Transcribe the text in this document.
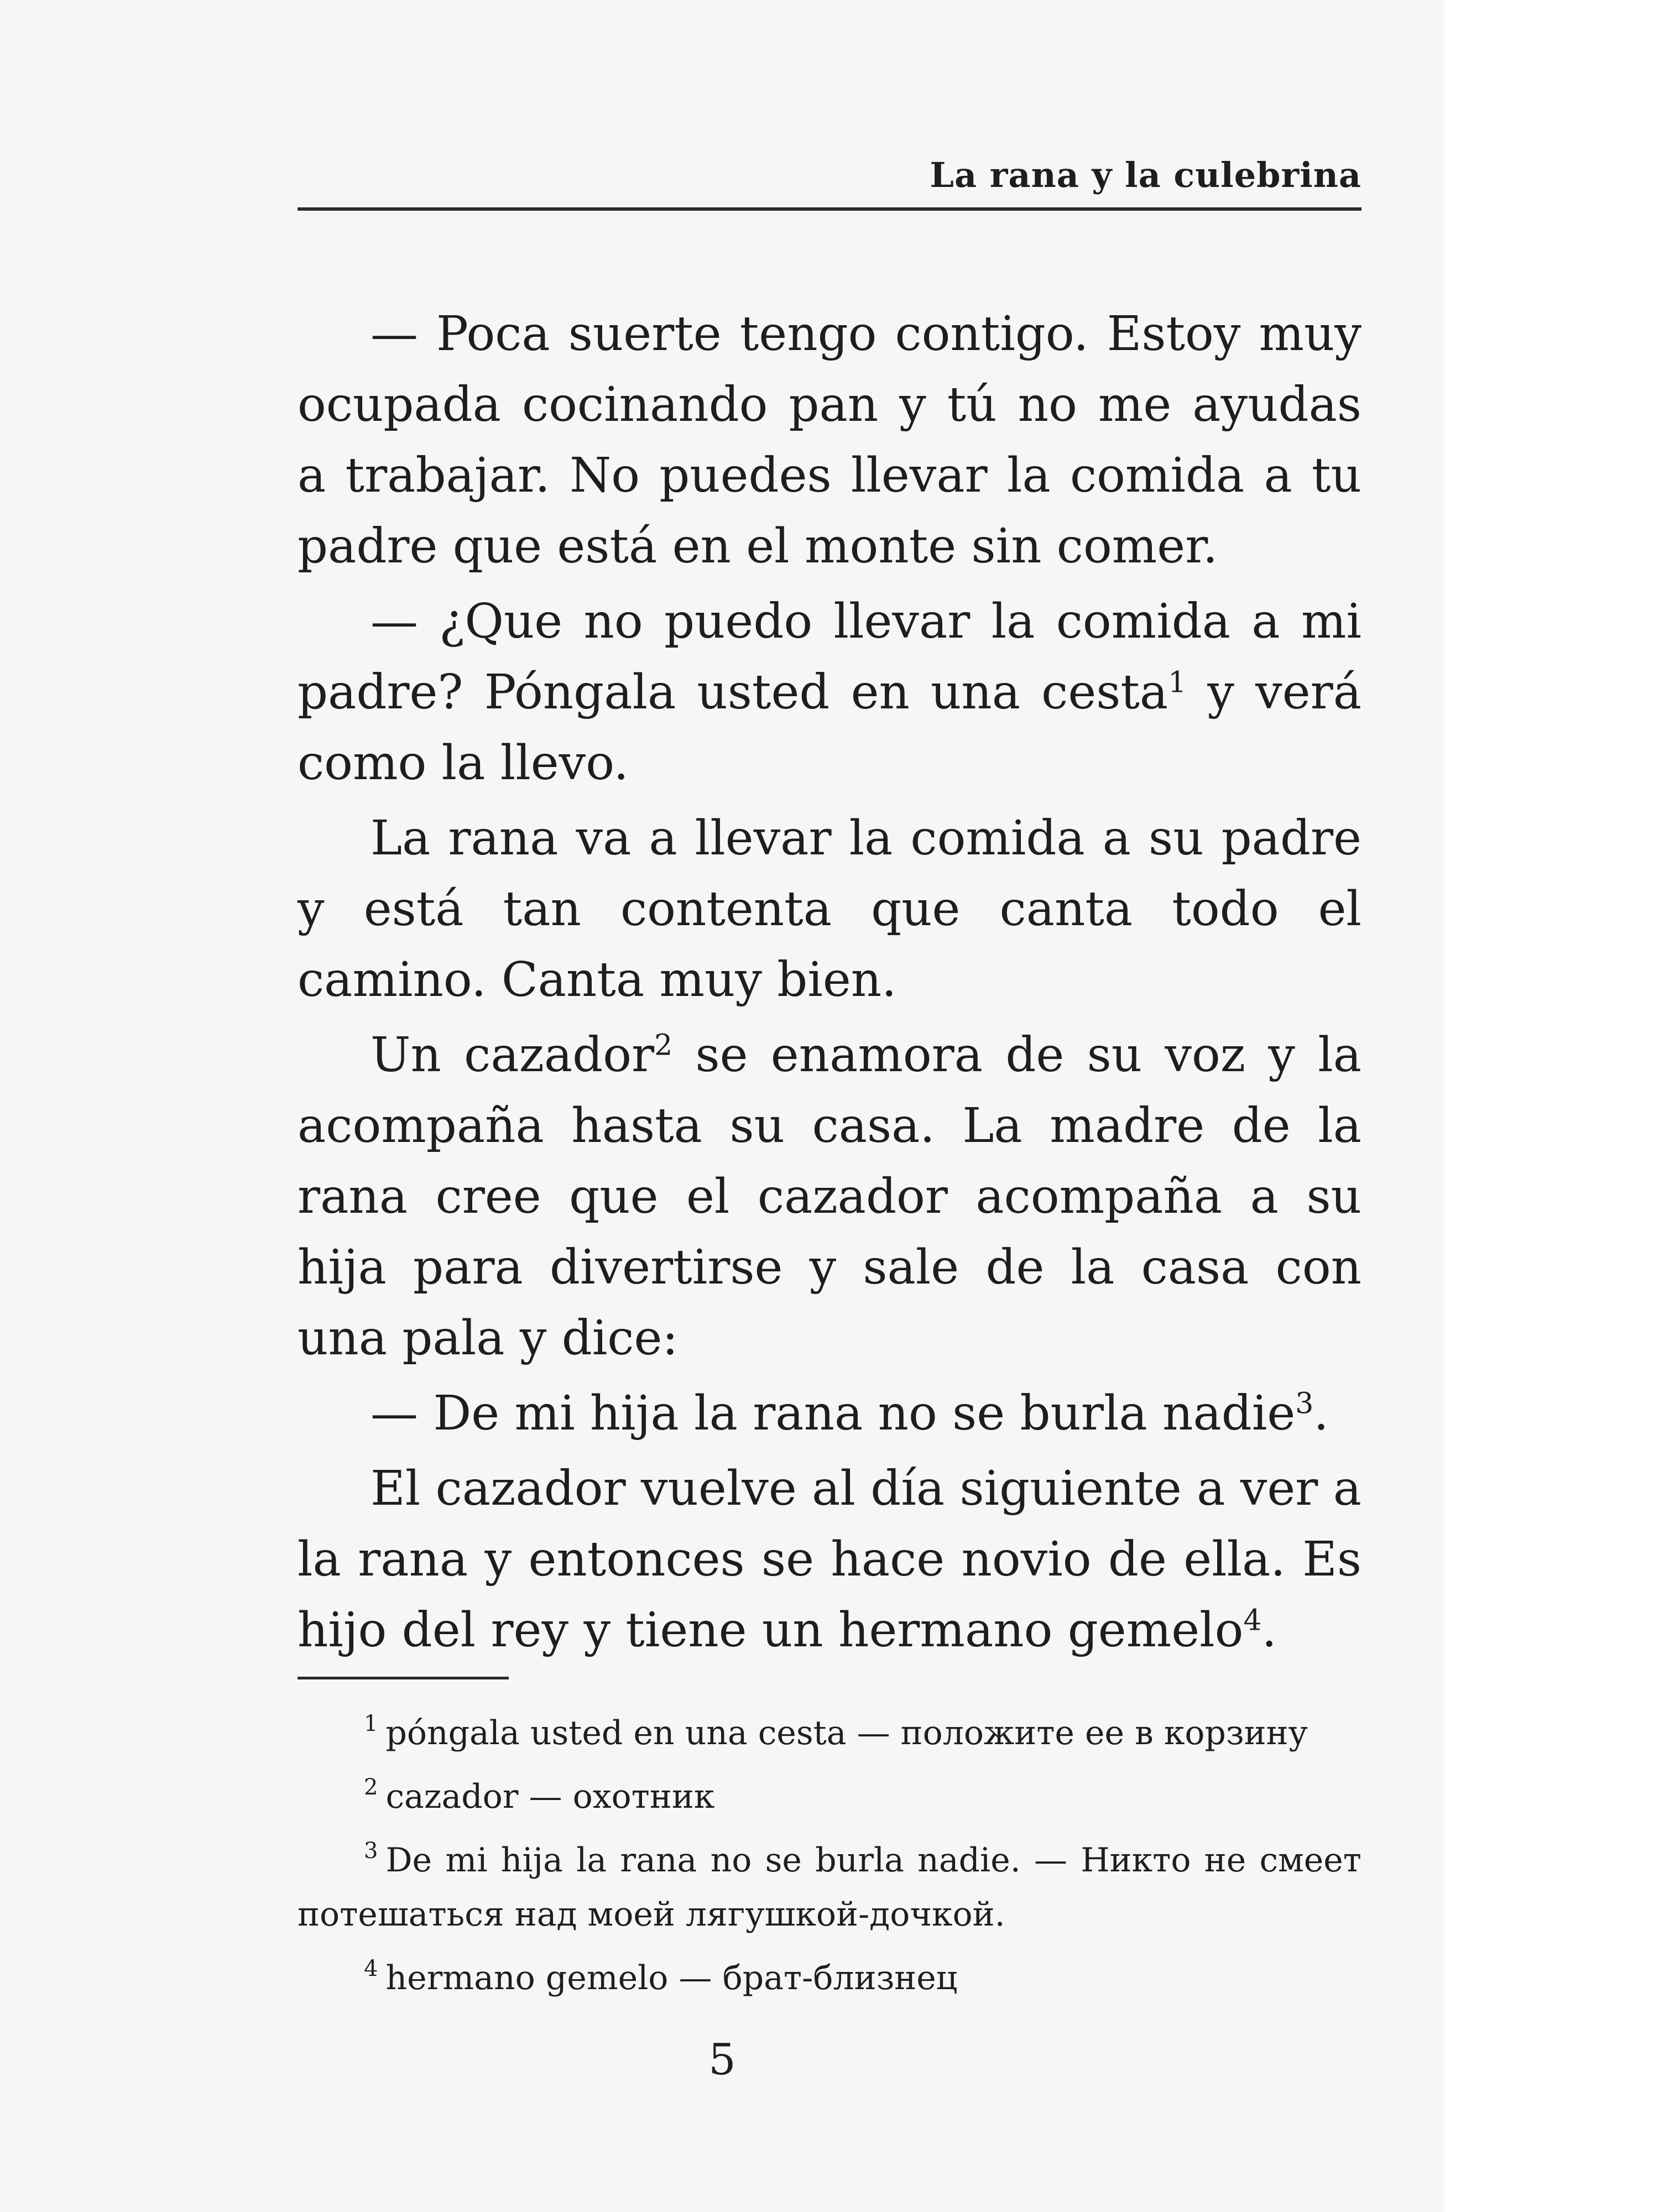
La rana y la culebrina

— Poca suerte tengo contigo. Estoy muy ocupada cocinando pan y tú no me ayudas a trabajar. No puedes llevar la comida a tu padre que está en el monte sin comer.

— ¿Que no puedo llevar la comida a mi padre? Póngala usted en una cesta$^1$ y verá como la llevo.

La rana va a llevar la comida a su padre y está tan contenta que canta todo el camino. Canta muy bien.

Un cazador$^2$ se enamora de su voz y la acompaña hasta su casa. La madre de la rana cree que el cazador acompaña a su hija para divertirse y sale de la casa con una pala y dice:

— De mi hija la rana no se burla nadie$^3$.

El cazador vuelve al día siguiente a ver a la rana y entonces se hace novio de ella. Es hijo del rey y tiene un hermano gemelo$^4$.

$^1$ póngala usted en una cesta — положите ее в корзину

$^2$ cazador — охотник

$^3$ De mi hija la rana no se burla nadie. — Никто не смеет потешаться над моей лягушкой-дочкой.

$^4$ hermano gemelo — брат-близнец

5
